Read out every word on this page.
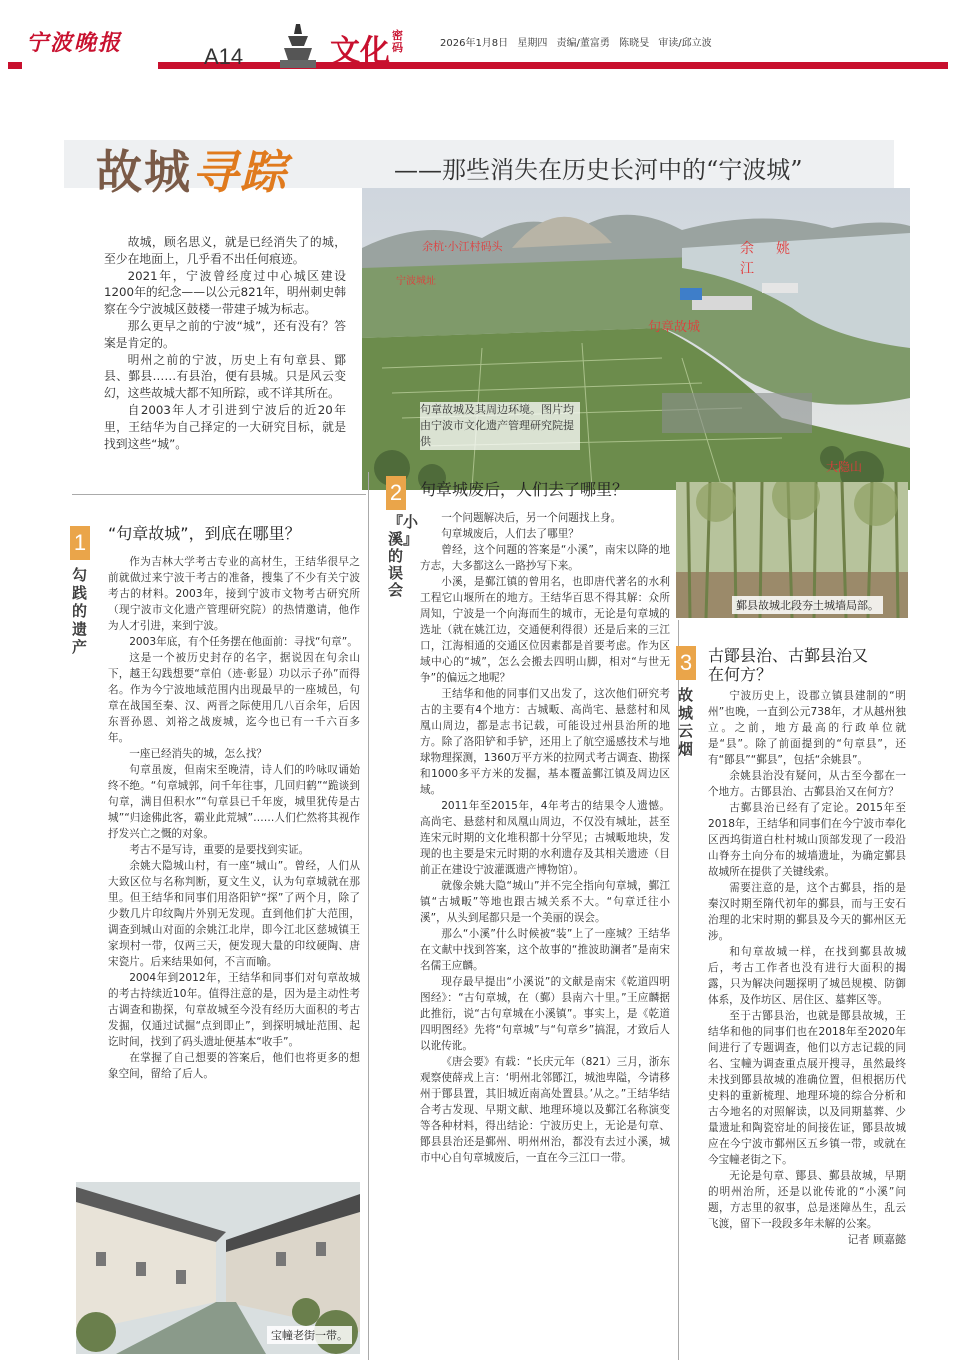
宁波晚报
A14	文化 密码	2026年1月8日 星期四 责编/董富勇 陈晓旻 审读/邱立波
故城寻踪	——那些消失在历史长河中的“宁波城”
余杭·小江村码头
宁波城址
余姚江
句章故城
大隐山
句章故城及其周边环境。图片均由宁波市文化遗产管理研究院提供

故城，顾名思义，就是已经消失了的城，至少在地面上，几乎看不出任何痕迹。

2021年，宁波曾经度过中心城区建设1200年的纪念——以公元821年，明州刺史韩察在今宁波城区鼓楼一带建子城为标志。

那么更早之前的宁波“城”，还有没有？答案是肯定的。

明州之前的宁波，历史上有句章县、鄮县、鄞县……有县治，便有县城。只是风云变幻，这些故城大都不知所踪，或不详其所在。

自2003年人才引进到宁波后的近20年里，王结华为自己择定的一大研究目标，就是找到这些“城”。

1
勾践的遗产
“句章故城”，到底在哪里？

作为吉林大学考古专业的高材生，王结华很早之前就做过来宁波干考古的准备，搜集了不少有关宁波考古的材料。2003年，接到宁波市文物考古研究所（现宁波市文化遗产管理研究院）的热情邀请，他作为人才引进，来到宁波。

2003年底，有个任务摆在他面前：寻找“句章”。

这是一个被历史封存的名字，据说因在句余山下，越王勾践想要“章伯（迹·彰显）功以示子孙”而得名。作为今宁波地域范围内出现最早的一座城邑，句章在战国至秦、汉、两晋之际使用几八百余年，后因东晋孙恩、刘裕之战废城，迄今也已有一千六百多年。

一座已经消失的城，怎么找？

句章虽废，但南宋至晚清，诗人们的吟咏叹诵始终不绝。“句章城郭，问千年往事，几回归鹤”“跪谈到句章，满目但积水”“句章县已千年废，城里犹传是古城”“归途佛此客，霸业此荒城”……人们伫然将其视作抒发兴亡之慨的对象。

考古不是写诗，重要的是要找到实证。

余姚大隐城山村，有一座“城山”。曾经，人们从大致区位与名称判断，夏文生义，认为句章城就在那里。但王结华和同事们用洛阳铲“探”了两个月，除了少数几片印纹陶片外别无发现。直到他们扩大范围，调查到城山对面的余姚江北岸，即今江北区慈城镇王家坝村一带，仅两三天，便发现大量的印纹硬陶、唐宋瓷片。后来结果如何，不言而喻。

2004年到2012年，王结华和同事们对句章故城的考古持续近10年。值得注意的是，因为是主动性考古调查和勘探，句章故城至今没有经历大面积的考古发掘，仅通过试掘“点到即止”，到探明城址范围、起讫时间，找到了码头遗址便基本“收手”。

在掌握了自己想要的答案后，他们也将更多的想象空间，留给了后人。

宝幢老街一带。
2
『小溪』的误会
句章城废后，人们去了哪里？

一个问题解决后，另一个问题找上身。

句章城废后，人们去了哪里？

曾经，这个问题的答案是“小溪”，南宋以降的地方志，大多都这么一路抄写下来。

小溪，是鄞江镇的曾用名，也即唐代著名的水利工程它山堰所在的地方。王结华百思不得其解：众所周知，宁波是一个向海而生的城市，无论是句章城的选址（就在姚江边，交通便利得很）还是后来的三江口，江海相通的交通区位因素都是首要考虑。作为区域中心的“城”，怎么会搬去四明山脚，相对“与世无争”的偏远之地呢？

王结华和他的同事们又出发了，这次他们研究考古的主要有4个地方：古城畈、高尚宅、悬慈村和凤凰山周边，都是志书记载，可能设过州县治所的地方。除了洛阳铲和手铲，还用上了航空遥感技术与地球物理探测，1360万平方米的拉网式考古调查、勘探和1000多平方米的发掘，基本覆盖鄞江镇及周边区域。

2011年至2015年，4年考古的结果令人遗憾。高尚宅、悬慈村和凤凰山周边，不仅没有城址，甚至连宋元时期的文化堆积都十分罕见；古城畈地块，发现的也主要是宋元时期的水利遗存及其相关遗迹（目前正在建设宁波灌溉遗产博物馆）。

就像余姚大隐“城山”并不完全指向句章城，鄞江镇“古城畈”等地也跟古城关系不大。“句章迁往小溪”，从头到尾都只是一个美丽的误会。

那么“小溪”什么时候被“装”上了一座城？王结华在文献中找到答案，这个故事的“推波助澜者”是南宋名儒王应麟。

现存最早提出“小溪说”的文献是南宋《乾道四明图经》：“古句章城，在（鄞）县南六十里。”王应麟据此推衍，说“古句章城在小溪镇”。事实上，是《乾道四明图经》先将“句章城”与“句章乡”搞混，才致后人以讹传讹。

《唐会要》有载：“长庆元年（821）三月，浙东观察使薛戎上言：‘明州北邻鄮江，城池卑隘，今请移州于鄮县置，其旧城近南高处置县。’从之。”王结华结合考古发现、早期文献、地理环境以及鄞江名称演变等各种材料，得出结论：宁波历史上，无论是句章、鄮县县治还是鄞州、明州州治，都没有去过小溪，城市中心自句章城废后，一直在今三江口一带。

鄞县故城北段夯土城墙局部。
3
故城云烟
古鄮县治、古鄞县治又在何方？

宁波历史上，设郡立镇县建制的“明州”也晚，一直到公元738年，才从越州独立。之前，地方最高的行政单位就是“县”。除了前面提到的“句章县”，还有“鄮县”“鄞县”，包括“余姚县”。

余姚县治没有疑问，从古至今都在一个地方。古鄮县治、古鄞县治又在何方？

古鄞县治已经有了定论。2015年至2018年，王结华和同事们在今宁波市奉化区西坞街道白杜村城山顶部发现了一段沿山脊夯土向分布的城墙遗址，为确定鄞县故城所在提供了关键线索。

需要注意的是，这个古鄞县，指的是秦汉时期至隋代初年的鄞县，而与王安石治理的北宋时期的鄞县及今天的鄞州区无涉。

和句章故城一样，在找到鄞县故城后，考古工作者也没有进行大面积的揭露，只为解决问题探明了城邑规模、防御体系，及作坊区、居住区、墓葬区等。

至于古鄮县治，也就是鄮县故城，王结华和他的同事们也在2018年至2020年间进行了专题调查，他们以方志记载的同名、宝幢为调查重点展开搜寻，虽然最终未找到鄮县故城的准确位置，但根据历代史料的重新梳理、地理环境的综合分析和古今地名的对照解读，以及同期墓葬、少量遗址和陶瓷窑址的间接佐证，鄮县故城应在今宁波市鄞州区五乡镇一带，或就在今宝幢老街之下。

无论是句章、鄮县、鄞县故城，早期的明州治所，还是以讹传讹的“小溪”问题，方志里的叙事，总是迷障丛生，乱云飞渡，留下一段段多年未解的公案。

记者 顾嘉懿
